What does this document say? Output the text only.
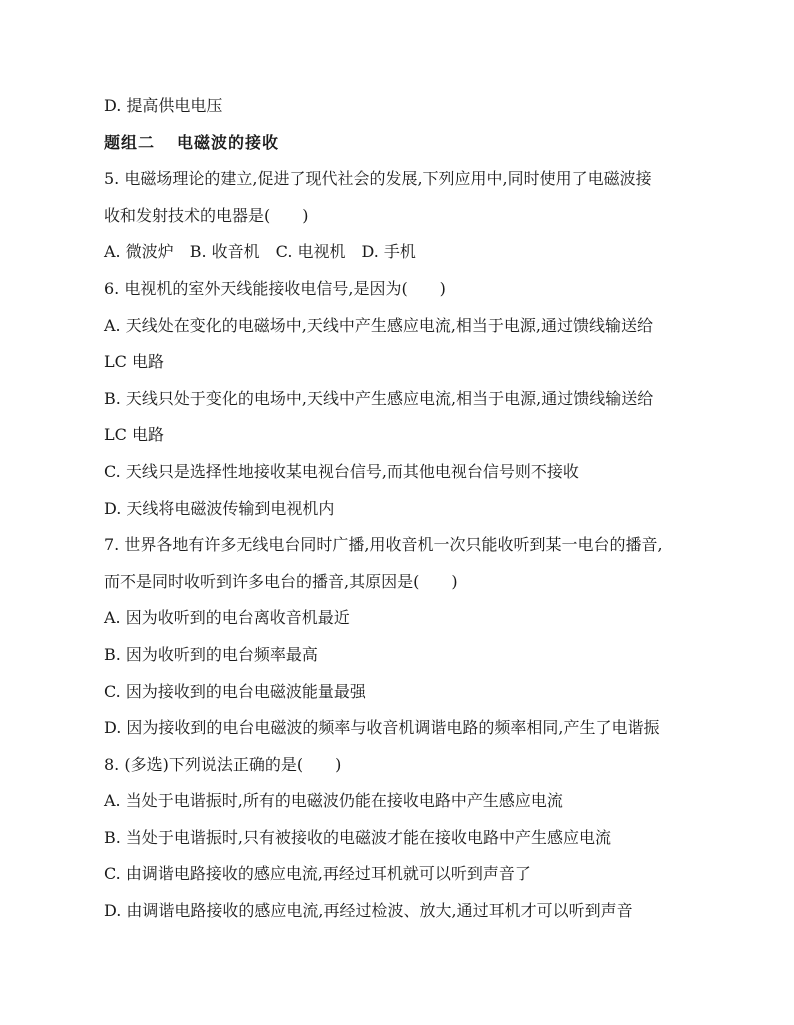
D. 提高供电电压
题组二 电磁波的接收
5. 电磁场理论的建立,促进了现代社会的发展,下列应用中,同时使用了电磁波接
收和发射技术的电器是(　　)
A. 微波炉　B. 收音机　C. 电视机　D. 手机
6. 电视机的室外天线能接收电信号,是因为(　　)
A. 天线处在变化的电磁场中,天线中产生感应电流,相当于电源,通过馈线输送给
LC 电路
B. 天线只处于变化的电场中,天线中产生感应电流,相当于电源,通过馈线输送给
LC 电路
C. 天线只是选择性地接收某电视台信号,而其他电视台信号则不接收
D. 天线将电磁波传输到电视机内
7. 世界各地有许多无线电台同时广播,用收音机一次只能收听到某一电台的播音,
而不是同时收听到许多电台的播音,其原因是(　　)
A. 因为收听到的电台离收音机最近
B. 因为收听到的电台频率最高
C. 因为接收到的电台电磁波能量最强
D. 因为接收到的电台电磁波的频率与收音机调谐电路的频率相同,产生了电谐振
8. (多选)下列说法正确的是(　　)
A. 当处于电谐振时,所有的电磁波仍能在接收电路中产生感应电流
B. 当处于电谐振时,只有被接收的电磁波才能在接收电路中产生感应电流
C. 由调谐电路接收的感应电流,再经过耳机就可以听到声音了
D. 由调谐电路接收的感应电流,再经过检波、放大,通过耳机才可以听到声音
